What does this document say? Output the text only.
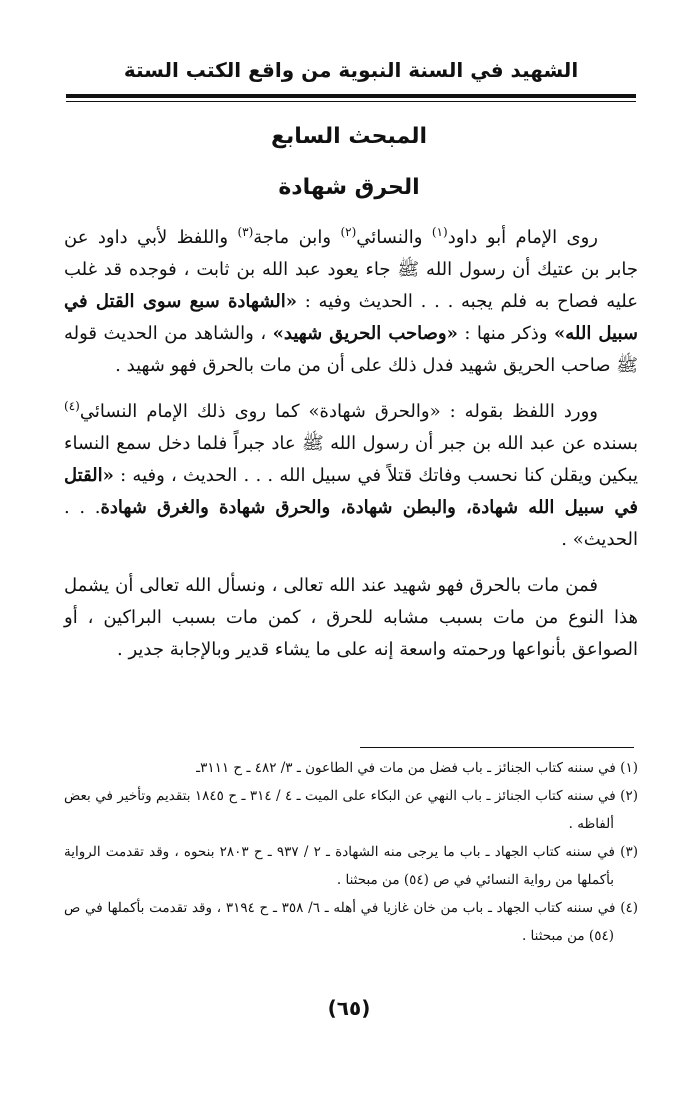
الشهيد في السنة النبوية من واقع الكتب الستة
المبحث السابع
الحرق شهادة

روى الإمام أبو داود$^{(١)}$ والنسائي$^{(٢)}$ وابن ماجة$^{(٣)}$ واللفظ لأبي داود عن جابر بن عتيك أن رسول الله ﷺ جاء يعود عبد الله بن ثابت ، فوجده قد غلب عليه فصاح به فلم يجبه . . . الحديث وفيه : «الشهادة سبع سوى القتل في سبيل الله» وذكر منها : «وصاحب الحريق شهيد» ، والشاهد من الحديث قوله ﷺ صاحب الحريق شهيد فدل ذلك على أن من مات بالحرق فهو شهيد .

وورد اللفظ بقوله : «والحرق شهادة» كما روى ذلك الإمام النسائي$^{(٤)}$ بسنده عن عبد الله بن جبر أن رسول الله ﷺ عاد جبراً فلما دخل سمع النساء يبكين ويقلن كنا نحسب وفاتك قتلاً في سبيل الله . . . الحديث ، وفيه : «القتل في سبيل الله شهادة، والبطن شهادة، والحرق شهادة والغرق شهادة. . . الحديث» .

فمن مات بالحرق فهو شهيد عند الله تعالى ، ونسأل الله تعالى أن يشمل هذا النوع من مات بسبب مشابه للحرق ، كمن مات بسبب البراكين ، أو الصواعق بأنواعها ورحمته واسعة إنه على ما يشاء قدير وبالإجابة جدير .

(١) في سننه كتاب الجنائز ـ باب فضل من مات في الطاعون ـ ٣/ ٤٨٢ ـ ح ٣١١١ـ

(٢) في سننه كتاب الجنائز ـ باب النهي عن البكاء على الميت ـ ٤ / ٣١٤ ـ ح ١٨٤٥ بتقديم وتأخير في بعض ألفاظه .

(٣) في سننه كتاب الجهاد ـ باب ما يرجى منه الشهادة ـ ٢ / ٩٣٧ ـ ح ٢٨٠٣ بنحوه ، وقد تقدمت الرواية بأكملها من رواية النسائي في ص (٥٤) من مبحثنا .

(٤) في سننه كتاب الجهاد ـ باب من خان غازيا في أهله ـ ٦/ ٣٥٨ ـ ح ٣١٩٤ ، وقد تقدمت بأكملها في ص (٥٤) من مبحثنا .

(٦٥)
